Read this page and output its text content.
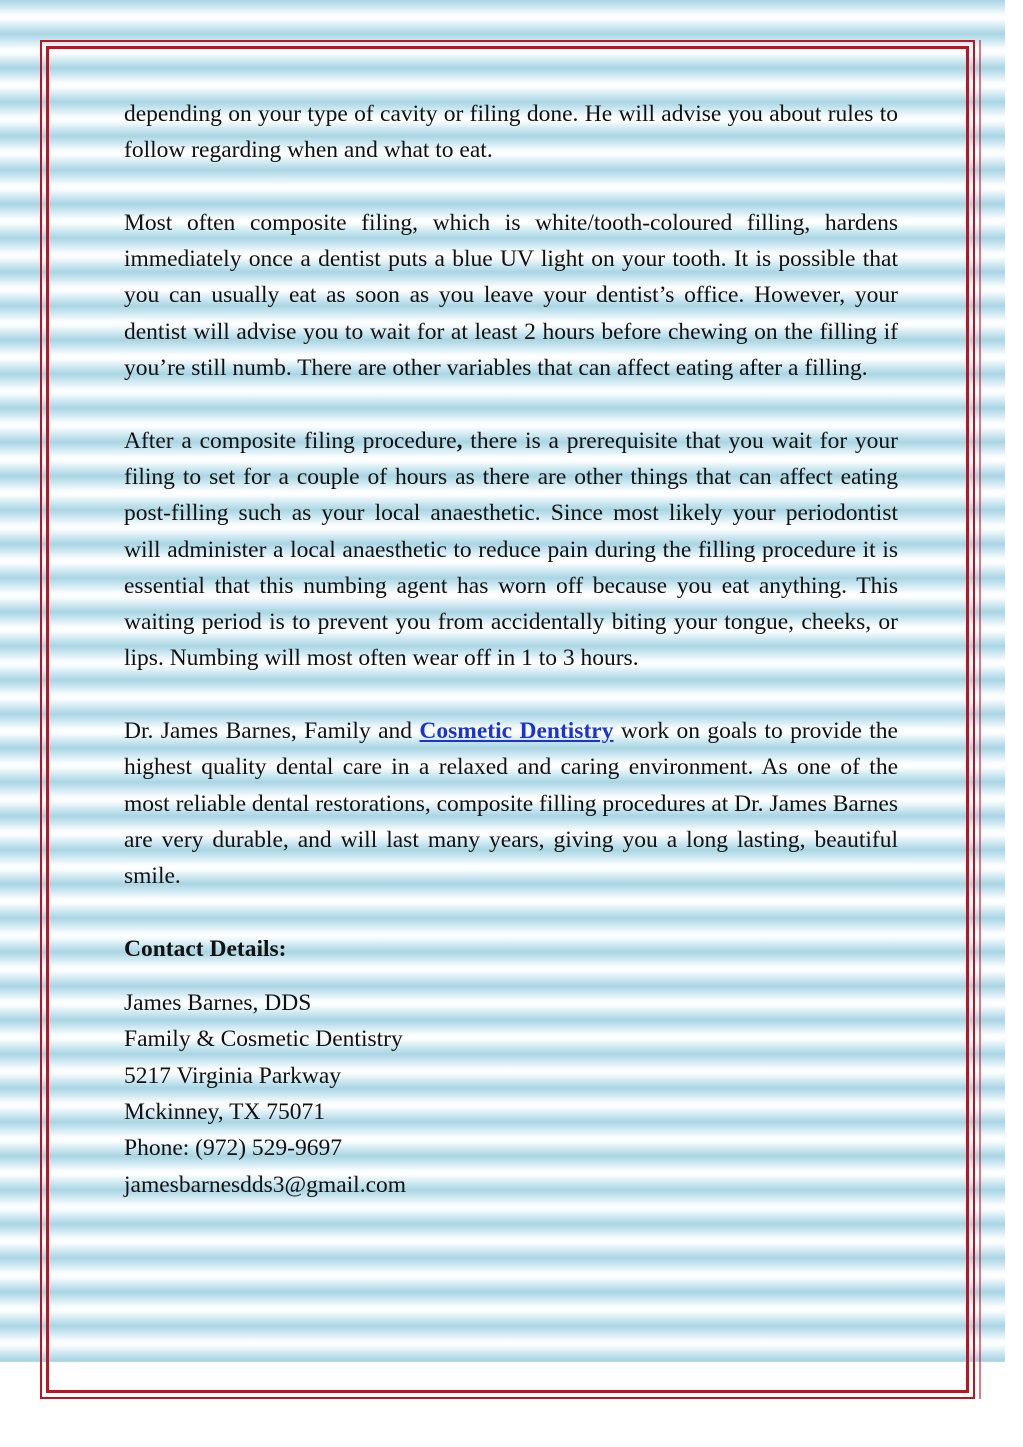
depending on your type of cavity or filing done. He will advise you about rules to follow regarding when and what to eat.

Most often composite filing, which is white/tooth-coloured filling, hardens immediately once a dentist puts a blue UV light on your tooth. It is possible that you can usually eat as soon as you leave your dentist’s office. However, your dentist will advise you to wait for at least 2 hours before chewing on the filling if you’re still numb. There are other variables that can affect eating after a filling.

After a composite filing procedure, there is a prerequisite that you wait for your filing to set for a couple of hours as there are other things that can affect eating post-filling such as your local anaesthetic. Since most likely your periodontist will administer a local anaesthetic to reduce pain during the filling procedure it is essential that this numbing agent has worn off because you eat anything. This waiting period is to prevent you from accidentally biting your tongue, cheeks, or lips. Numbing will most often wear off in 1 to 3 hours.

Dr. James Barnes, Family and Cosmetic Dentistry work on goals to provide the highest quality dental care in a relaxed and caring environment. As one of the most reliable dental restorations, composite filling procedures at Dr. James Barnes are very durable, and will last many years, giving you a long lasting, beautiful smile.

Contact Details:

James Barnes, DDS
Family & Cosmetic Dentistry
5217 Virginia Parkway
Mckinney, TX 75071
Phone: (972) 529-9697
jamesbarnesdds3@gmail.com
